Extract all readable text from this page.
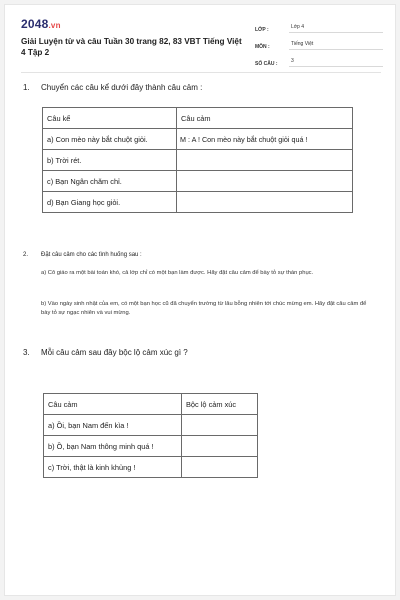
2048.vn
Giải Luyện từ và câu Tuần 30 trang 82, 83 VBT Tiếng Việt 4 Tập 2
LỚP :	Lớp 4
MÔN :	Tiếng Việt
SỐ CÂU :	3
1. Chuyển các câu kể dưới đây thành câu cảm :
Câu kể	Câu cảm
a) Con mèo này bắt chuột giỏi.	M : A ! Con mèo này bắt chuột giỏi quá !
b) Trời rét.	
c) Bạn Ngân chăm chỉ.	
d) Bạn Giang học giỏi.	
2. Đặt câu cảm cho các tình huống sau :
a) Cô giáo ra một bài toán khó, cả lớp chỉ có một bạn làm được. Hãy đặt câu cảm để bày tỏ sự thán phục.
b) Vào ngày sinh nhật của em, có một bạn học cũ đã chuyển trường từ lâu bỗng nhiên tới chúc mừng em. Hãy đặt câu cảm để bày tỏ sự ngạc nhiên và vui mừng.
3. Mỗi câu cảm sau đây bộc lộ cảm xúc gì ?
Câu cảm	Bộc lộ cảm xúc
a) Ồi, bạn Nam đến kìa !	
b) Ồ, bạn Nam thông minh quá !	
c) Trời, thật là kinh khủng !	
